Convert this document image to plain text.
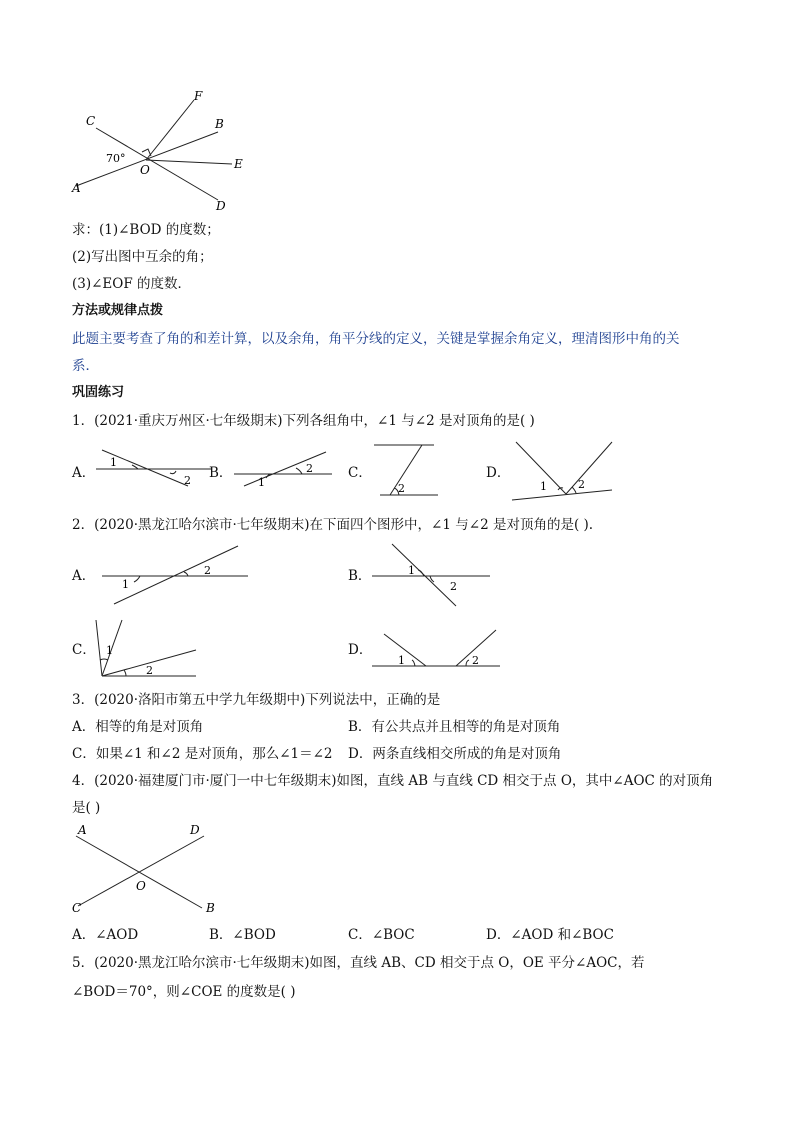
C
F
B
E
A
O
D
70°
求：(1)∠BOD 的度数；
(2)写出图中互余的角；
(3)∠EOF 的度数．
方法或规律点拨
此题主要考查了角的和差计算，以及余角，角平分线的定义，关键是掌握余角定义，理清图形中角的关
系．
巩固练习
1．(2021·重庆万州区·七年级期末)下列各组角中，∠1 与∠2 是对顶角的是( )
A．
1
2 B．
1
2	C．
2
D．
1	2
2．(2020·黑龙江哈尔滨市·七年级期末)在下面四个图形中，∠1 与∠2 是对顶角的是( ).
A．
1
2	B．	1
2
C． 1
2
D．
1	2
3．(2020·洛阳市第五中学九年级期中)下列说法中，正确的是
A．相等的角是对顶角	B．有公共点并且相等的角是对顶角
C．如果∠1 和∠2 是对顶角，那么∠1＝∠2 D．两条直线相交所成的角是对顶角
4．(2020·福建厦门市·厦门一中七年级期末)如图，直线 AB 与直线 CD 相交于点 O，其中∠AOC 的对顶角
是( )
A	D
O
C	B
A．∠AOD	B．∠BOD	C．∠BOC	D．∠AOD 和∠BOC
5．(2020·黑龙江哈尔滨市·七年级期末)如图，直线 AB、CD 相交于点 O，OE 平分∠AOC，若
∠BOD＝70°，则∠COE 的度数是( )
